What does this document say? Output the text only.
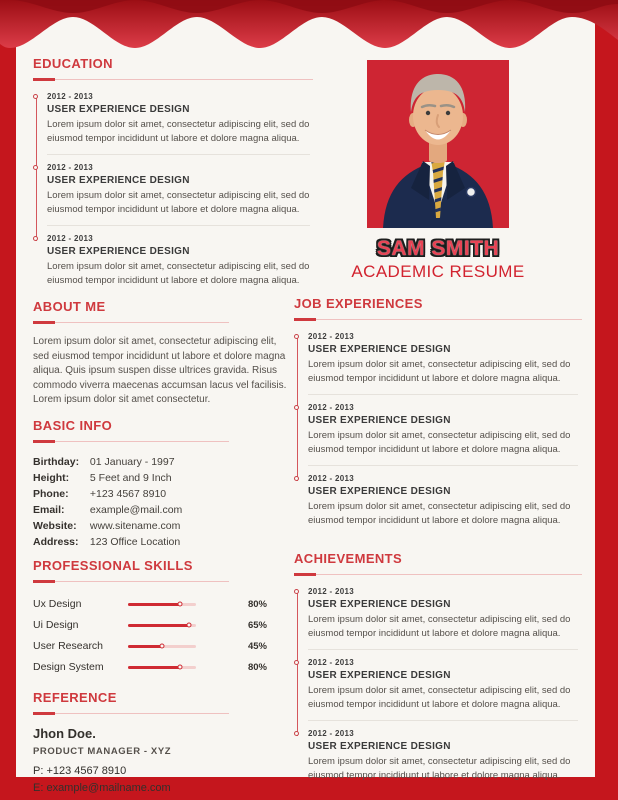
EDUCATION
2012 - 2013
USER EXPERIENCE DESIGN
Lorem ipsum dolor sit amet, consectetur adipiscing elit, sed do eiusmod tempor incididunt ut labore et dolore magna aliqua.
2012 - 2013
USER EXPERIENCE DESIGN
Lorem ipsum dolor sit amet, consectetur adipiscing elit, sed do eiusmod tempor incididunt ut labore et dolore magna aliqua.
2012 - 2013
USER EXPERIENCE DESIGN
Lorem ipsum dolor sit amet, consectetur adipiscing elit, sed do eiusmod tempor incididunt ut labore et dolore magna aliqua.
ABOUT ME
Lorem ipsum dolor sit amet, consectetur adipiscing elit, sed eiusmod tempor incididunt ut labore et dolore magna aliqua. Quis ipsum suspen disse ultrices gravida. Risus commodo viverra maecenas accumsan lacus vel facilisis. Lorem ipsum dolor sit amet consectetur.
BASIC INFO
Birthday: 01 January - 1997
Height: 5 Feet and 9 Inch
Phone: +123 4567 8910
Email: example@mail.com
Website: www.sitename.com
Address: 123 Office Location
PROFESSIONAL SKILLS
Ux Design	80%
Ui Design	65%
User Research	45%
Design System	80%
REFERENCE
Jhon Doe.
PRODUCT MANAGER - XYZ
P: +123 4567 8910
E: example@mailname.com
SAM SMITH
ACADEMIC RESUME
JOB EXPERIENCES
2012 - 2013
USER EXPERIENCE DESIGN
Lorem ipsum dolor sit amet, consectetur adipiscing elit, sed do eiusmod tempor incididunt ut labore et dolore magna aliqua.
2012 - 2013
USER EXPERIENCE DESIGN
Lorem ipsum dolor sit amet, consectetur adipiscing elit, sed do eiusmod tempor incididunt ut labore et dolore magna aliqua.
2012 - 2013
USER EXPERIENCE DESIGN
Lorem ipsum dolor sit amet, consectetur adipiscing elit, sed do eiusmod tempor incididunt ut labore et dolore magna aliqua.
ACHIEVEMENTS
2012 - 2013
USER EXPERIENCE DESIGN
Lorem ipsum dolor sit amet, consectetur adipiscing elit, sed do eiusmod tempor incididunt ut labore et dolore magna aliqua.
2012 - 2013
USER EXPERIENCE DESIGN
Lorem ipsum dolor sit amet, consectetur adipiscing elit, sed do eiusmod tempor incididunt ut labore et dolore magna aliqua.
2012 - 2013
USER EXPERIENCE DESIGN
Lorem ipsum dolor sit amet, consectetur adipiscing elit, sed do eiusmod tempor incididunt ut labore et dolore magna aliqua.
